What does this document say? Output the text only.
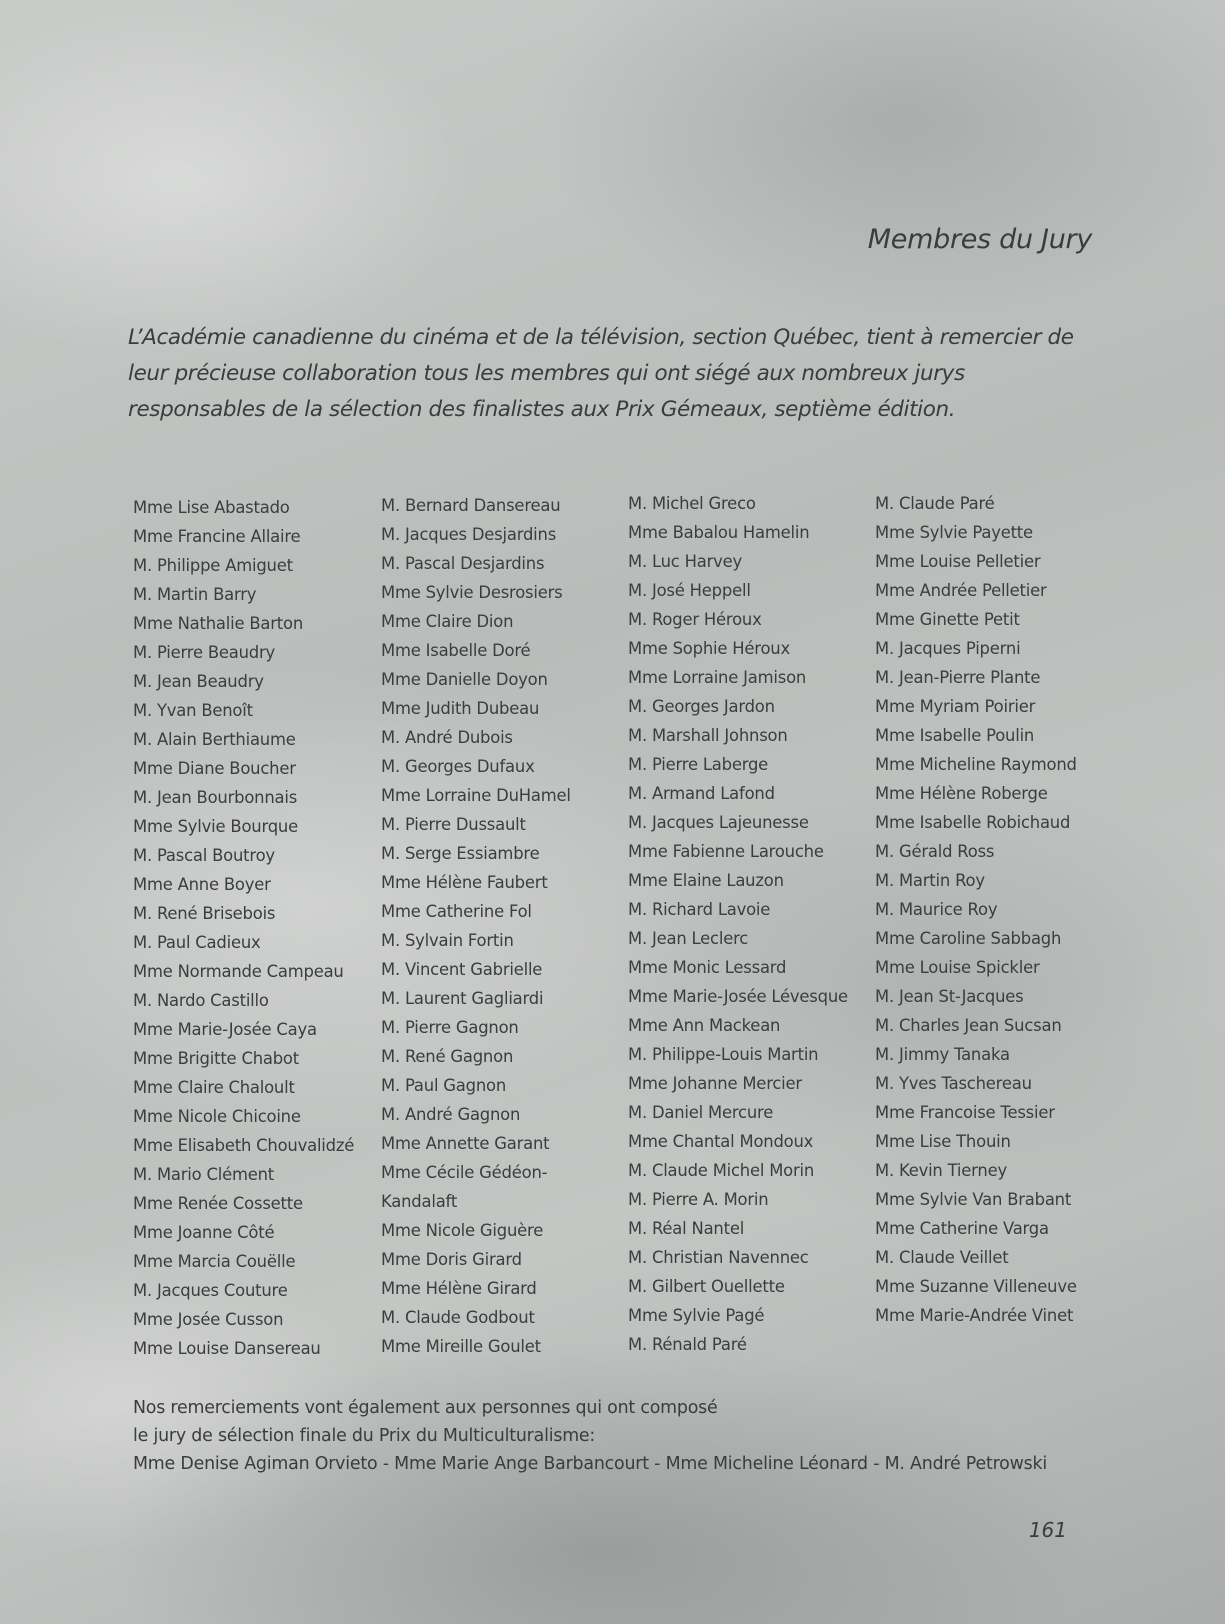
Membres du Jury

L’Académie canadienne du cinéma et de la télévision, section Québec, tient à remercier de leur précieuse collaboration tous les membres qui ont siégé aux nombreux jurys responsables de la sélection des finalistes aux Prix Gémeaux, septième édition.

Mme Lise Abastado
Mme Francine Allaire
M. Philippe Amiguet
M. Martin Barry
Mme Nathalie Barton
M. Pierre Beaudry
M. Jean Beaudry
M. Yvan Benoît
M. Alain Berthiaume
Mme Diane Boucher
M. Jean Bourbonnais
Mme Sylvie Bourque
M. Pascal Boutroy
Mme Anne Boyer
M. René Brisebois
M. Paul Cadieux
Mme Normande Campeau
M. Nardo Castillo
Mme Marie-Josée Caya
Mme Brigitte Chabot
Mme Claire Chaloult
Mme Nicole Chicoine
Mme Elisabeth Chouvalidzé
M. Mario Clément
Mme Renée Cossette
Mme Joanne Côté
Mme Marcia Couëlle
M. Jacques Couture
Mme Josée Cusson
Mme Louise Dansereau
M. Bernard Dansereau
M. Jacques Desjardins
M. Pascal Desjardins
Mme Sylvie Desrosiers
Mme Claire Dion
Mme Isabelle Doré
Mme Danielle Doyon
Mme Judith Dubeau
M. André Dubois
M. Georges Dufaux
Mme Lorraine DuHamel
M. Pierre Dussault
M. Serge Essiambre
Mme Hélène Faubert
Mme Catherine Fol
M. Sylvain Fortin
M. Vincent Gabrielle
M. Laurent Gagliardi
M. Pierre Gagnon
M. René Gagnon
M. Paul Gagnon
M. André Gagnon
Mme Annette Garant
Mme Cécile Gédéon-
Kandalaft
Mme Nicole Giguère
Mme Doris Girard
Mme Hélène Girard
M. Claude Godbout
Mme Mireille Goulet
M. Michel Greco
Mme Babalou Hamelin
M. Luc Harvey
M. José Heppell
M. Roger Héroux
Mme Sophie Héroux
Mme Lorraine Jamison
M. Georges Jardon
M. Marshall Johnson
M. Pierre Laberge
M. Armand Lafond
M. Jacques Lajeunesse
Mme Fabienne Larouche
Mme Elaine Lauzon
M. Richard Lavoie
M. Jean Leclerc
Mme Monic Lessard
Mme Marie-Josée Lévesque
Mme Ann Mackean
M. Philippe-Louis Martin
Mme Johanne Mercier
M. Daniel Mercure
Mme Chantal Mondoux
M. Claude Michel Morin
M. Pierre A. Morin
M. Réal Nantel
M. Christian Navennec
M. Gilbert Ouellette
Mme Sylvie Pagé
M. Rénald Paré
M. Claude Paré
Mme Sylvie Payette
Mme Louise Pelletier
Mme Andrée Pelletier
Mme Ginette Petit
M. Jacques Piperni
M. Jean-Pierre Plante
Mme Myriam Poirier
Mme Isabelle Poulin
Mme Micheline Raymond
Mme Hélène Roberge
Mme Isabelle Robichaud
M. Gérald Ross
M. Martin Roy
M. Maurice Roy
Mme Caroline Sabbagh
Mme Louise Spickler
M. Jean St-Jacques
M. Charles Jean Sucsan
M. Jimmy Tanaka
M. Yves Taschereau
Mme Francoise Tessier
Mme Lise Thouin
M. Kevin Tierney
Mme Sylvie Van Brabant
Mme Catherine Varga
M. Claude Veillet
Mme Suzanne Villeneuve
Mme Marie-Andrée Vinet

Nos remerciements vont également aux personnes qui ont composé
le jury de sélection finale du Prix du Multiculturalisme:
Mme Denise Agiman Orvieto - Mme Marie Ange Barbancourt - Mme Micheline Léonard - M. André Petrowski

161
